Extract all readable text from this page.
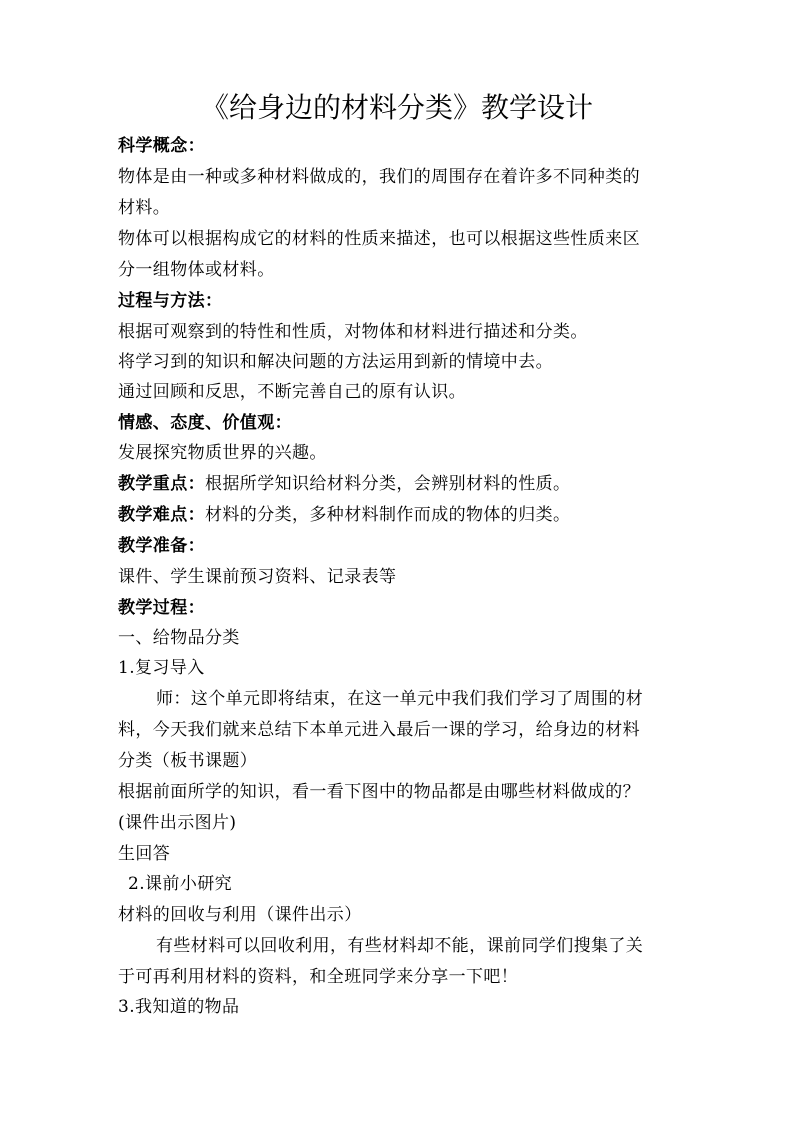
《给身边的材料分类》教学设计
科学概念：
物体是由一种或多种材料做成的，我们的周围存在着许多不同种类的
材料。
物体可以根据构成它的材料的性质来描述，也可以根据这些性质来区
分一组物体或材料。
过程与方法：
根据可观察到的特性和性质，对物体和材料进行描述和分类。
将学习到的知识和解决问题的方法运用到新的情境中去。
通过回顾和反思，不断完善自己的原有认识。
情感、态度、价值观：
发展探究物质世界的兴趣。
教学重点：根据所学知识给材料分类，会辨别材料的性质。
教学难点：材料的分类，多种材料制作而成的物体的归类。
教学准备：
课件、学生课前预习资料、记录表等
教学过程：
一、给物品分类
1.复习导入
师：这个单元即将结束，在这一单元中我们我们学习了周围的材
料，今天我们就来总结下本单元进入最后一课的学习，给身边的材料
分类（板书课题）
根据前面所学的知识，看一看下图中的物品都是由哪些材料做成的？
(课件出示图片)
生回答
2.课前小研究
材料的回收与利用（课件出示）
有些材料可以回收利用，有些材料却不能，课前同学们搜集了关
于可再利用材料的资料，和全班同学来分享一下吧！
3.我知道的物品
